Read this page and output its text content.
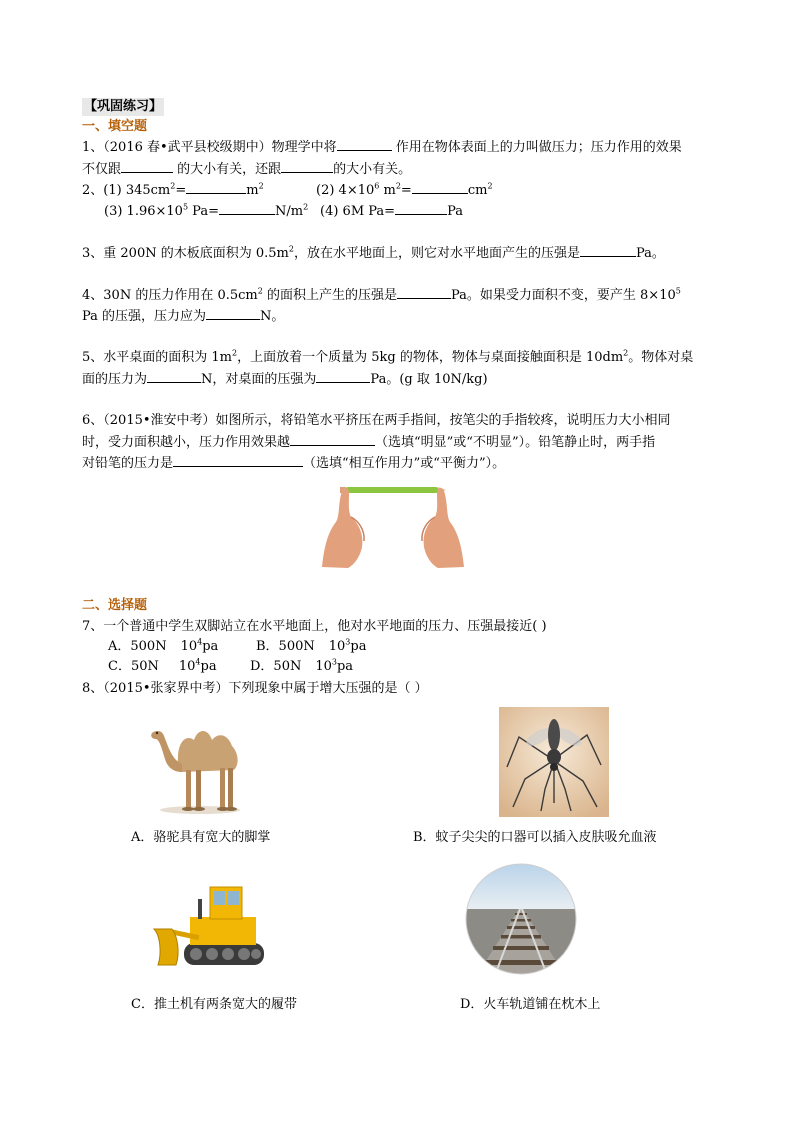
【巩固练习】
一、填空题
1、（2016 春•武平县校级期中）物理学中将	作用在物体表面上的力叫做压力；压力作用的效果
不仅跟	的大小有关，还跟	的大小有关。
2、(1) $345cm^2=$	$m^2$	(2) $4\times 10^6$ $m^2=$	$cm^2$
(3) $1.96\times 10^5$ Pa=	$N/m^2$ (4) 6M Pa=	Pa
3、重 200N 的木板底面积为 $0.5m^2$，放在水平地面上，则它对水平地面产生的压强是	Pa。
4、30N 的压力作用在 $0.5cm^2$ 的面积上产生的压强是	Pa。如果受力面积不变，要产生 $8\times 10^5$
Pa 的压强，压力应为	N。
5、水平桌面的面积为 $1m^2$，上面放着一个质量为 5kg 的物体，物体与桌面接触面积是 $10dm^2$。物体对桌
面的压力为	N，对桌面的压强为	Pa。(g 取 10N/kg)
6、（2015•淮安中考）如图所示，将铅笔水平挤压在两手指间，按笔尖的手指较疼，说明压力大小相同
时，受力面积越小，压力作用效果越	（选填“明显”或“不明显”）。铅笔静止时，两手指
对铅笔的压力是	（选填“相互作用力”或“平衡力”）。
二、选择题
7、一个普通中学生双脚站立在水平地面上，他对水平地面的压力、压强最接近( )
A．500N $10^4pa$	B．500N $10^3pa$
C．50N $10^4pa$	D．50N $10^3pa$
8、（2015•张家界中考）下列现象中属于增大压强的是（ ）
A．骆驼具有宽大的脚掌	B．蚊子尖尖的口器可以插入皮肤吸允血液
C．推土机有两条宽大的履带	D．火车轨道铺在枕木上
